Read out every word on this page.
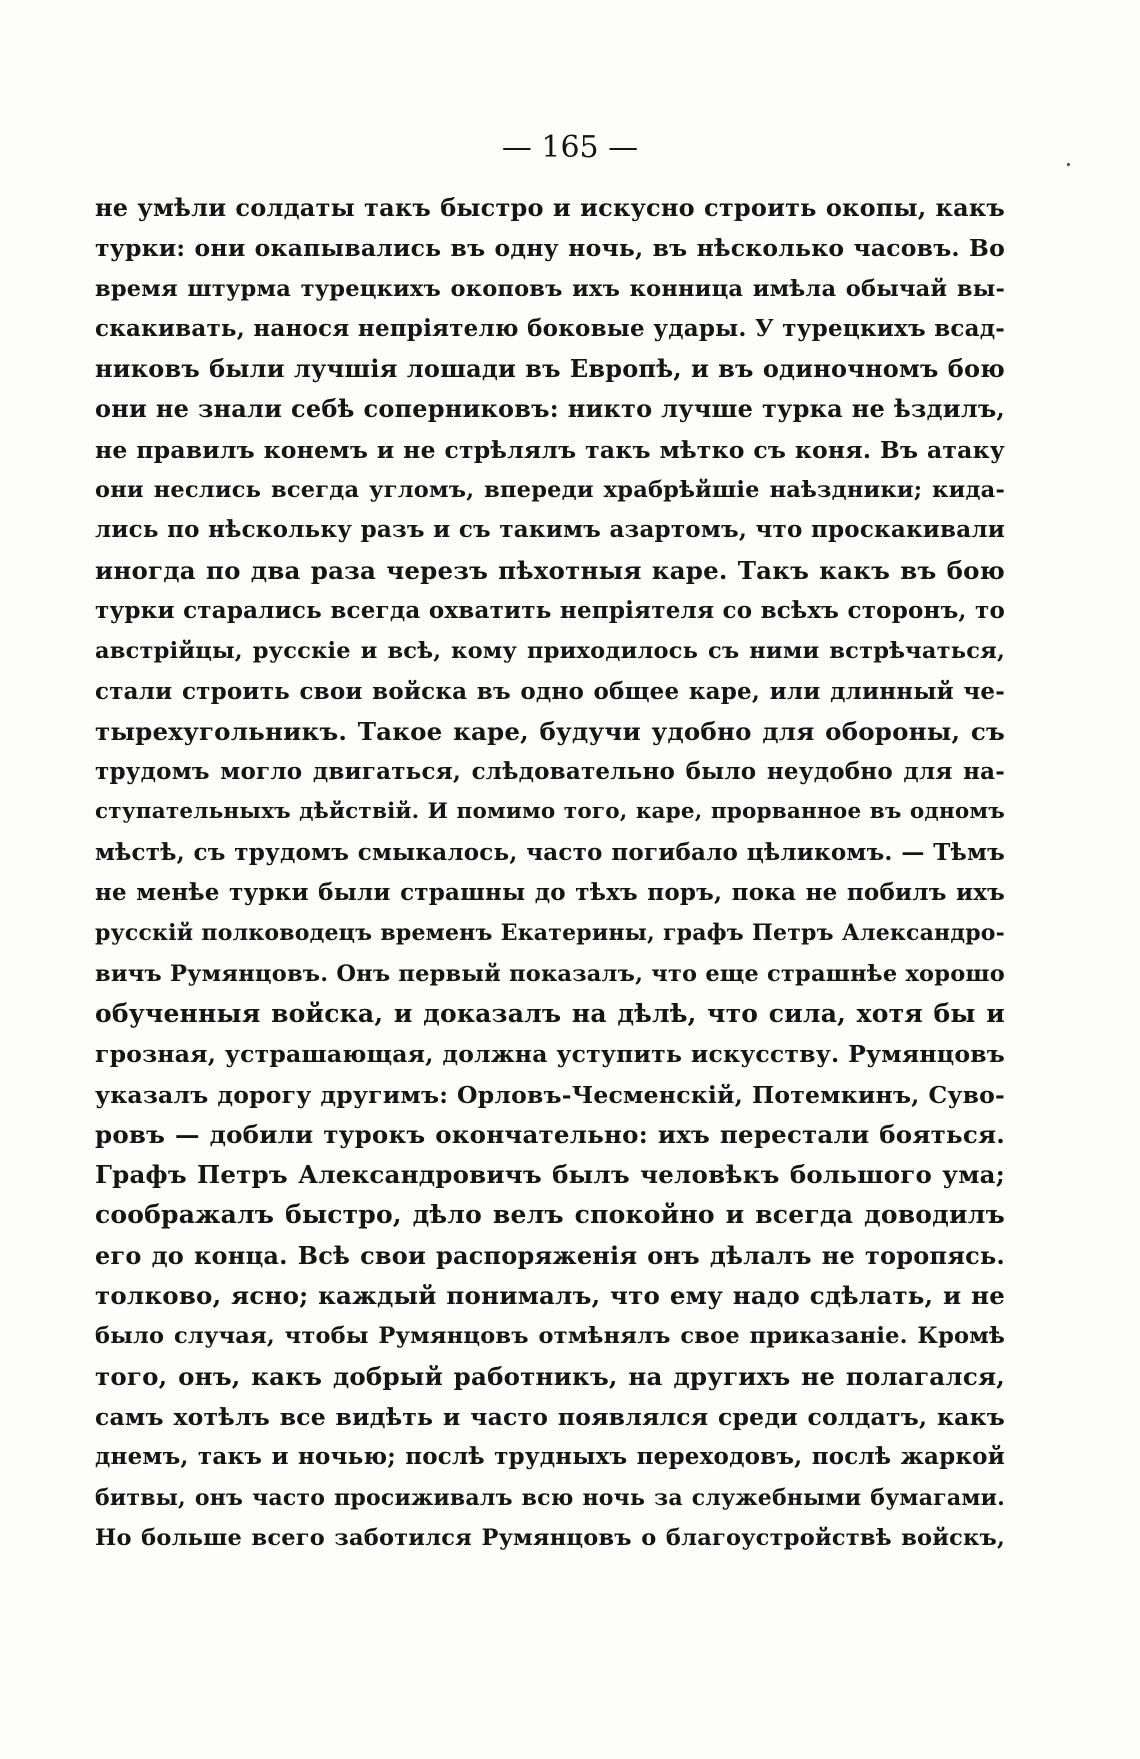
— 165 —
не умѣли солдаты такъ быстро и искусно строить окопы, какъ
турки: они окапывались въ одну ночь, въ нѣсколько часовъ. Во
время штурма турецкихъ окоповъ ихъ конница имѣла обычай вы-
скакивать, нанося непріятелю боковые удары. У турецкихъ всад-
никовъ были лучшія лошади въ Европѣ, и въ одиночномъ бою
они не знали себѣ соперниковъ: никто лучше турка не ѣздилъ,
не правилъ конемъ и не стрѣлялъ такъ мѣтко съ коня. Въ атаку
они неслись всегда угломъ, впереди храбрѣйшіе наѣздники; кида-
лись по нѣскольку разъ и съ такимъ азартомъ, что проскакивали
иногда по два раза черезъ пѣхотныя каре. Такъ какъ въ бою
турки старались всегда охватить непріятеля со всѣхъ сторонъ, то
австрійцы, русскіе и всѣ, кому приходилось съ ними встрѣчаться,
стали строить свои войска въ одно общее каре, или длинный че-
тырехугольникъ. Такое каре, будучи удобно для обороны, съ
трудомъ могло двигаться, слѣдовательно было неудобно для на-
ступательныхъ дѣйствій. И помимо того, каре, прорванное въ одномъ
мѣстѣ, съ трудомъ смыкалось, часто погибало цѣликомъ. — Тѣмъ
не менѣе турки были страшны до тѣхъ поръ, пока не побилъ ихъ
русскій полководецъ временъ Екатерины, графъ Петръ Александро-
вичъ Румянцовъ. Онъ первый показалъ, что еще страшнѣе хорошо
обученныя войска, и доказалъ на дѣлѣ, что сила, хотя бы и
грозная, устрашающая, должна уступить искусству. Румянцовъ
указалъ дорогу другимъ: Орловъ-Чесменскій, Потемкинъ, Суво-
ровъ — добили турокъ окончательно: ихъ перестали бояться.
Графъ Петръ Александровичъ былъ человѣкъ большого ума;
соображалъ быстро, дѣло велъ спокойно и всегда доводилъ
его до конца. Всѣ свои распоряженія онъ дѣлалъ не торопясь.
толково, ясно; каждый понималъ, что ему надо сдѣлать, и не
было случая, чтобы Румянцовъ отмѣнялъ свое приказаніе. Кромѣ
того, онъ, какъ добрый работникъ, на другихъ не полагался,
самъ хотѣлъ все видѣть и часто появлялся среди солдатъ, какъ
днемъ, такъ и ночью; послѣ трудныхъ переходовъ, послѣ жаркой
битвы, онъ часто просиживалъ всю ночь за служебными бумагами.
Но больше всего заботился Румянцовъ о благоустройствѣ войскъ,
